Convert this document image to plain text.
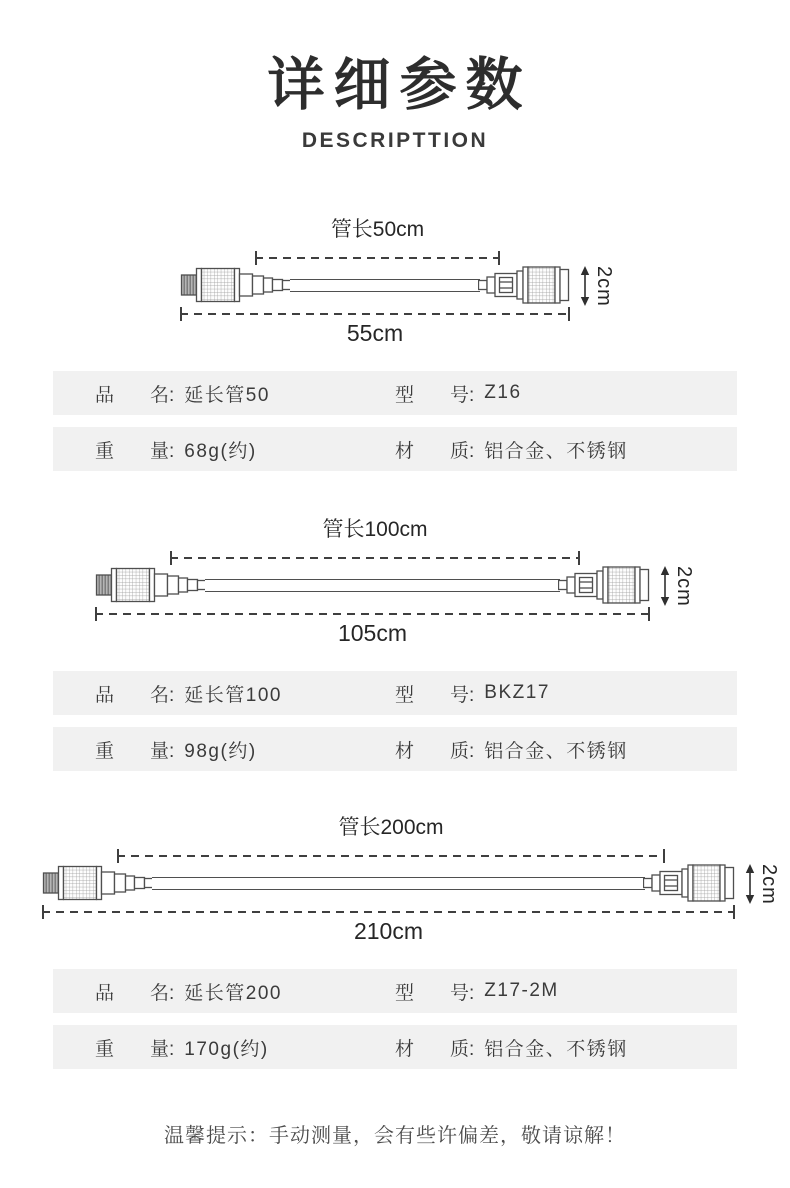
详细参数
DESCRIPTTION
管长50cm
55cm
2cm
品 名: 延长管50	型 号: Z16
重 量: 68g(约)	材 质: 铝合金、不锈钢
管长100cm
105cm
2cm
品 名: 延长管100	型 号: BKZ17
重 量: 98g(约)	材 质: 铝合金、不锈钢
管长200cm
210cm
2cm
品 名: 延长管200	型 号: Z17-2M
重 量: 170g(约)	材 质: 铝合金、不锈钢

温馨提示：手动测量，会有些许偏差，敬请谅解！
